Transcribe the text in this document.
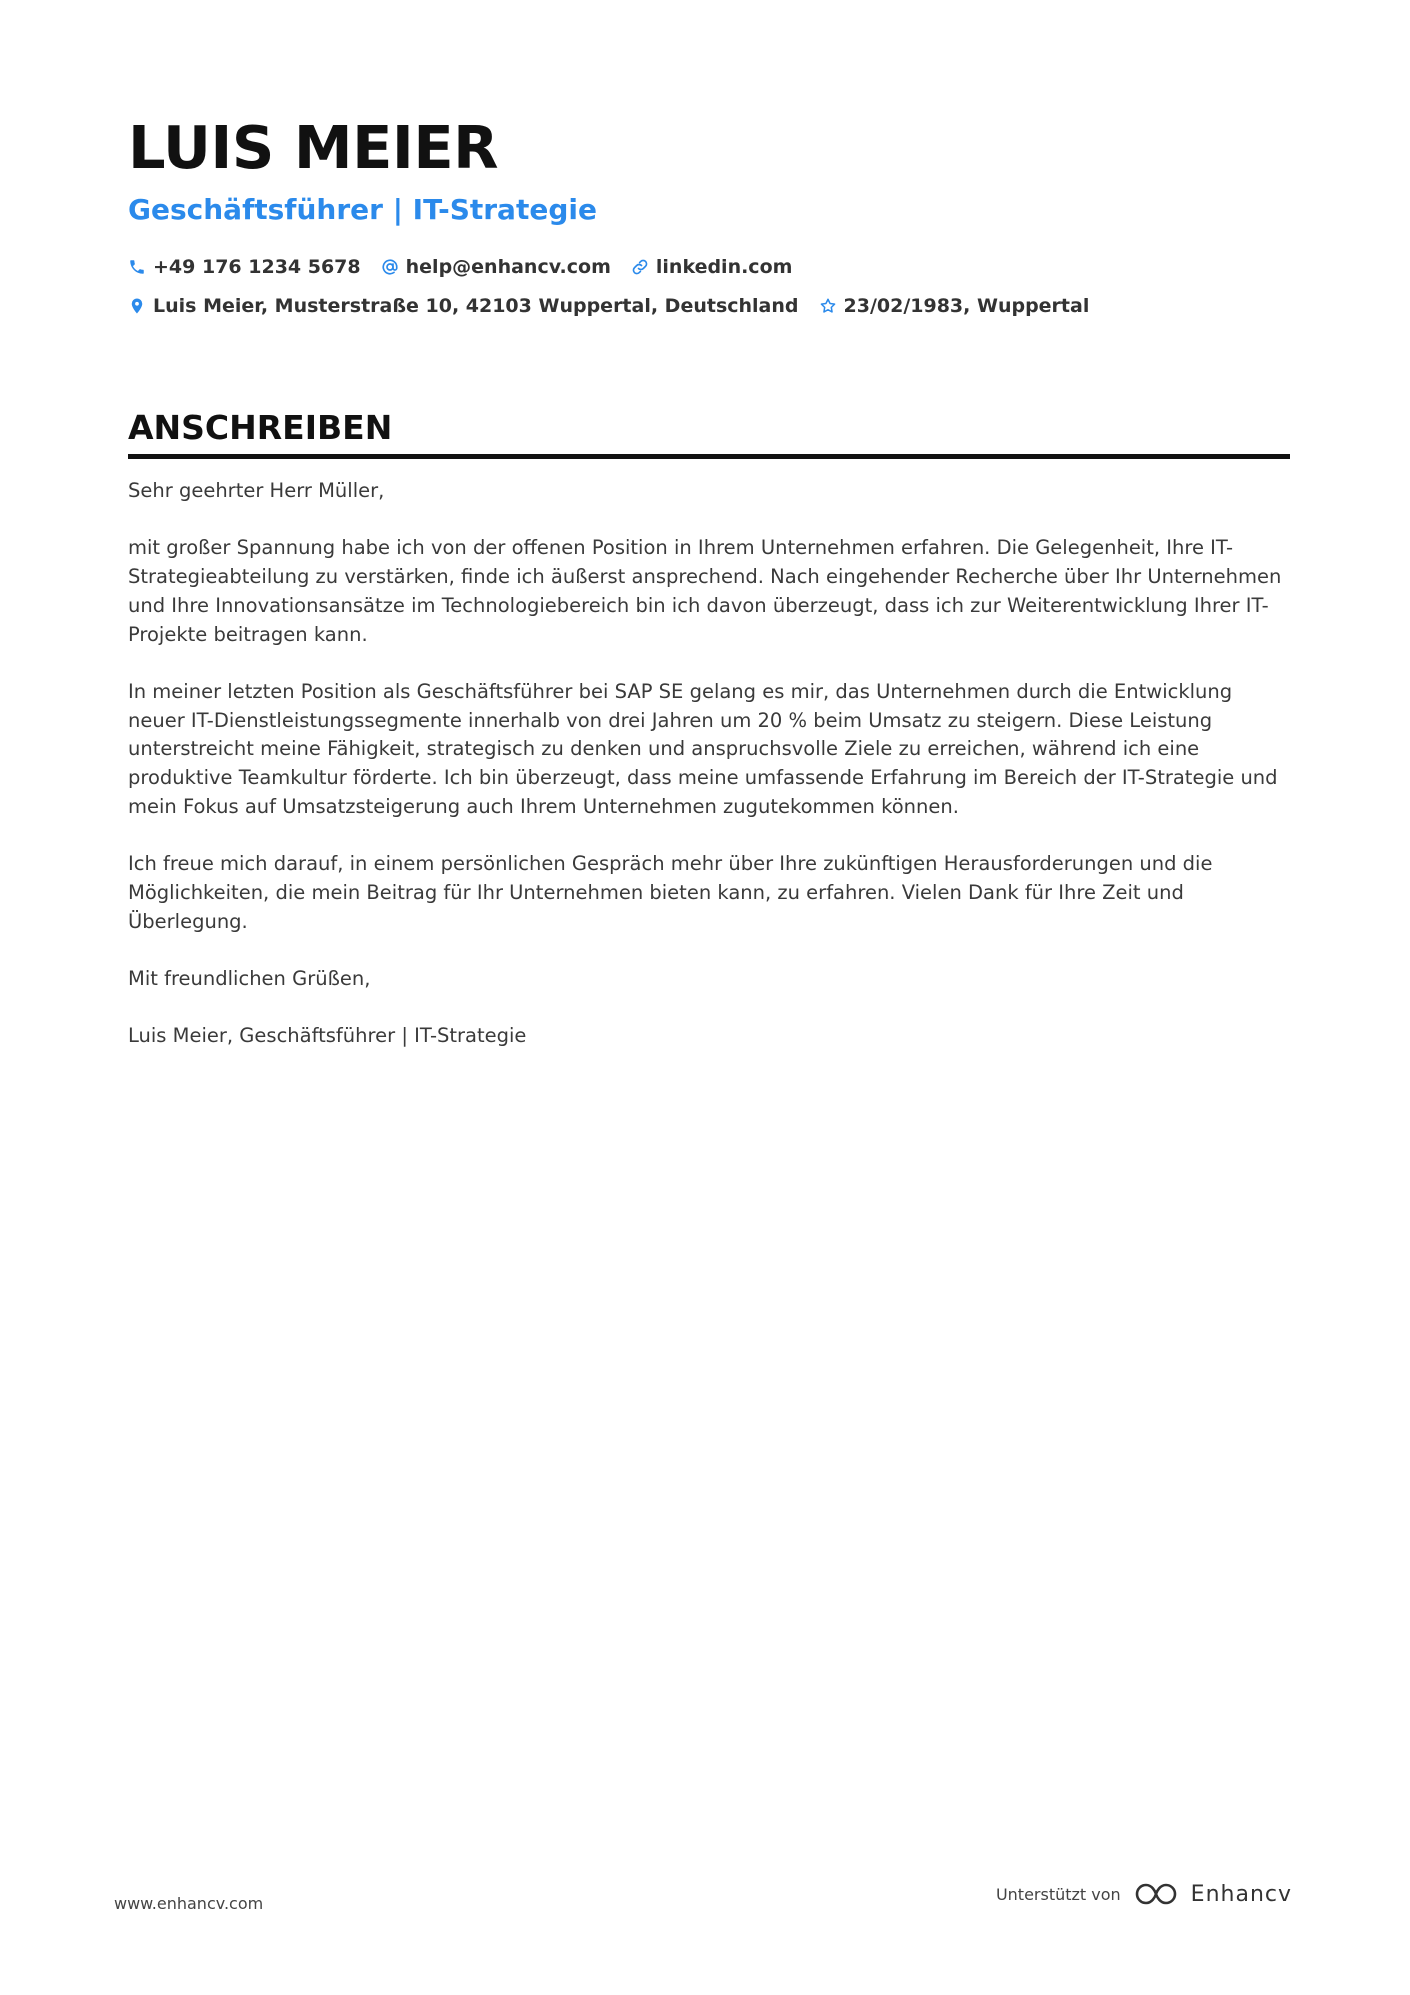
LUIS MEIER
Geschäftsführer | IT-Strategie
+49 176 1234 5678 help@enhancv.com linkedin.com
Luis Meier, Musterstraße 10, 42103 Wuppertal, Deutschland 23/02/1983, Wuppertal
ANSCHREIBEN

Sehr geehrter Herr Müller,

mit großer Spannung habe ich von der offenen Position in Ihrem Unternehmen erfahren. Die Gelegenheit, Ihre IT-Strategieabteilung zu verstärken, finde ich äußerst ansprechend. Nach eingehender Recherche über Ihr Unternehmen und Ihre Innovationsansätze im Technologiebereich bin ich davon überzeugt, dass ich zur Weiterentwicklung Ihrer IT-Projekte beitragen kann.

In meiner letzten Position als Geschäftsführer bei SAP SE gelang es mir, das Unternehmen durch die Entwicklung neuer IT-Dienstleistungssegmente innerhalb von drei Jahren um 20 % beim Umsatz zu steigern. Diese Leistung unterstreicht meine Fähigkeit, strategisch zu denken und anspruchsvolle Ziele zu erreichen, während ich eine produktive Teamkultur förderte. Ich bin überzeugt, dass meine umfassende Erfahrung im Bereich der IT-Strategie und mein Fokus auf Umsatzsteigerung auch Ihrem Unternehmen zugutekommen können.

Ich freue mich darauf, in einem persönlichen Gespräch mehr über Ihre zukünftigen Herausforderungen und die Möglichkeiten, die mein Beitrag für Ihr Unternehmen bieten kann, zu erfahren. Vielen Dank für Ihre Zeit und Überlegung.

Mit freundlichen Grüßen,

Luis Meier, Geschäftsführer | IT-Strategie

www.enhancv.com	Unterstützt von	Enhancv
